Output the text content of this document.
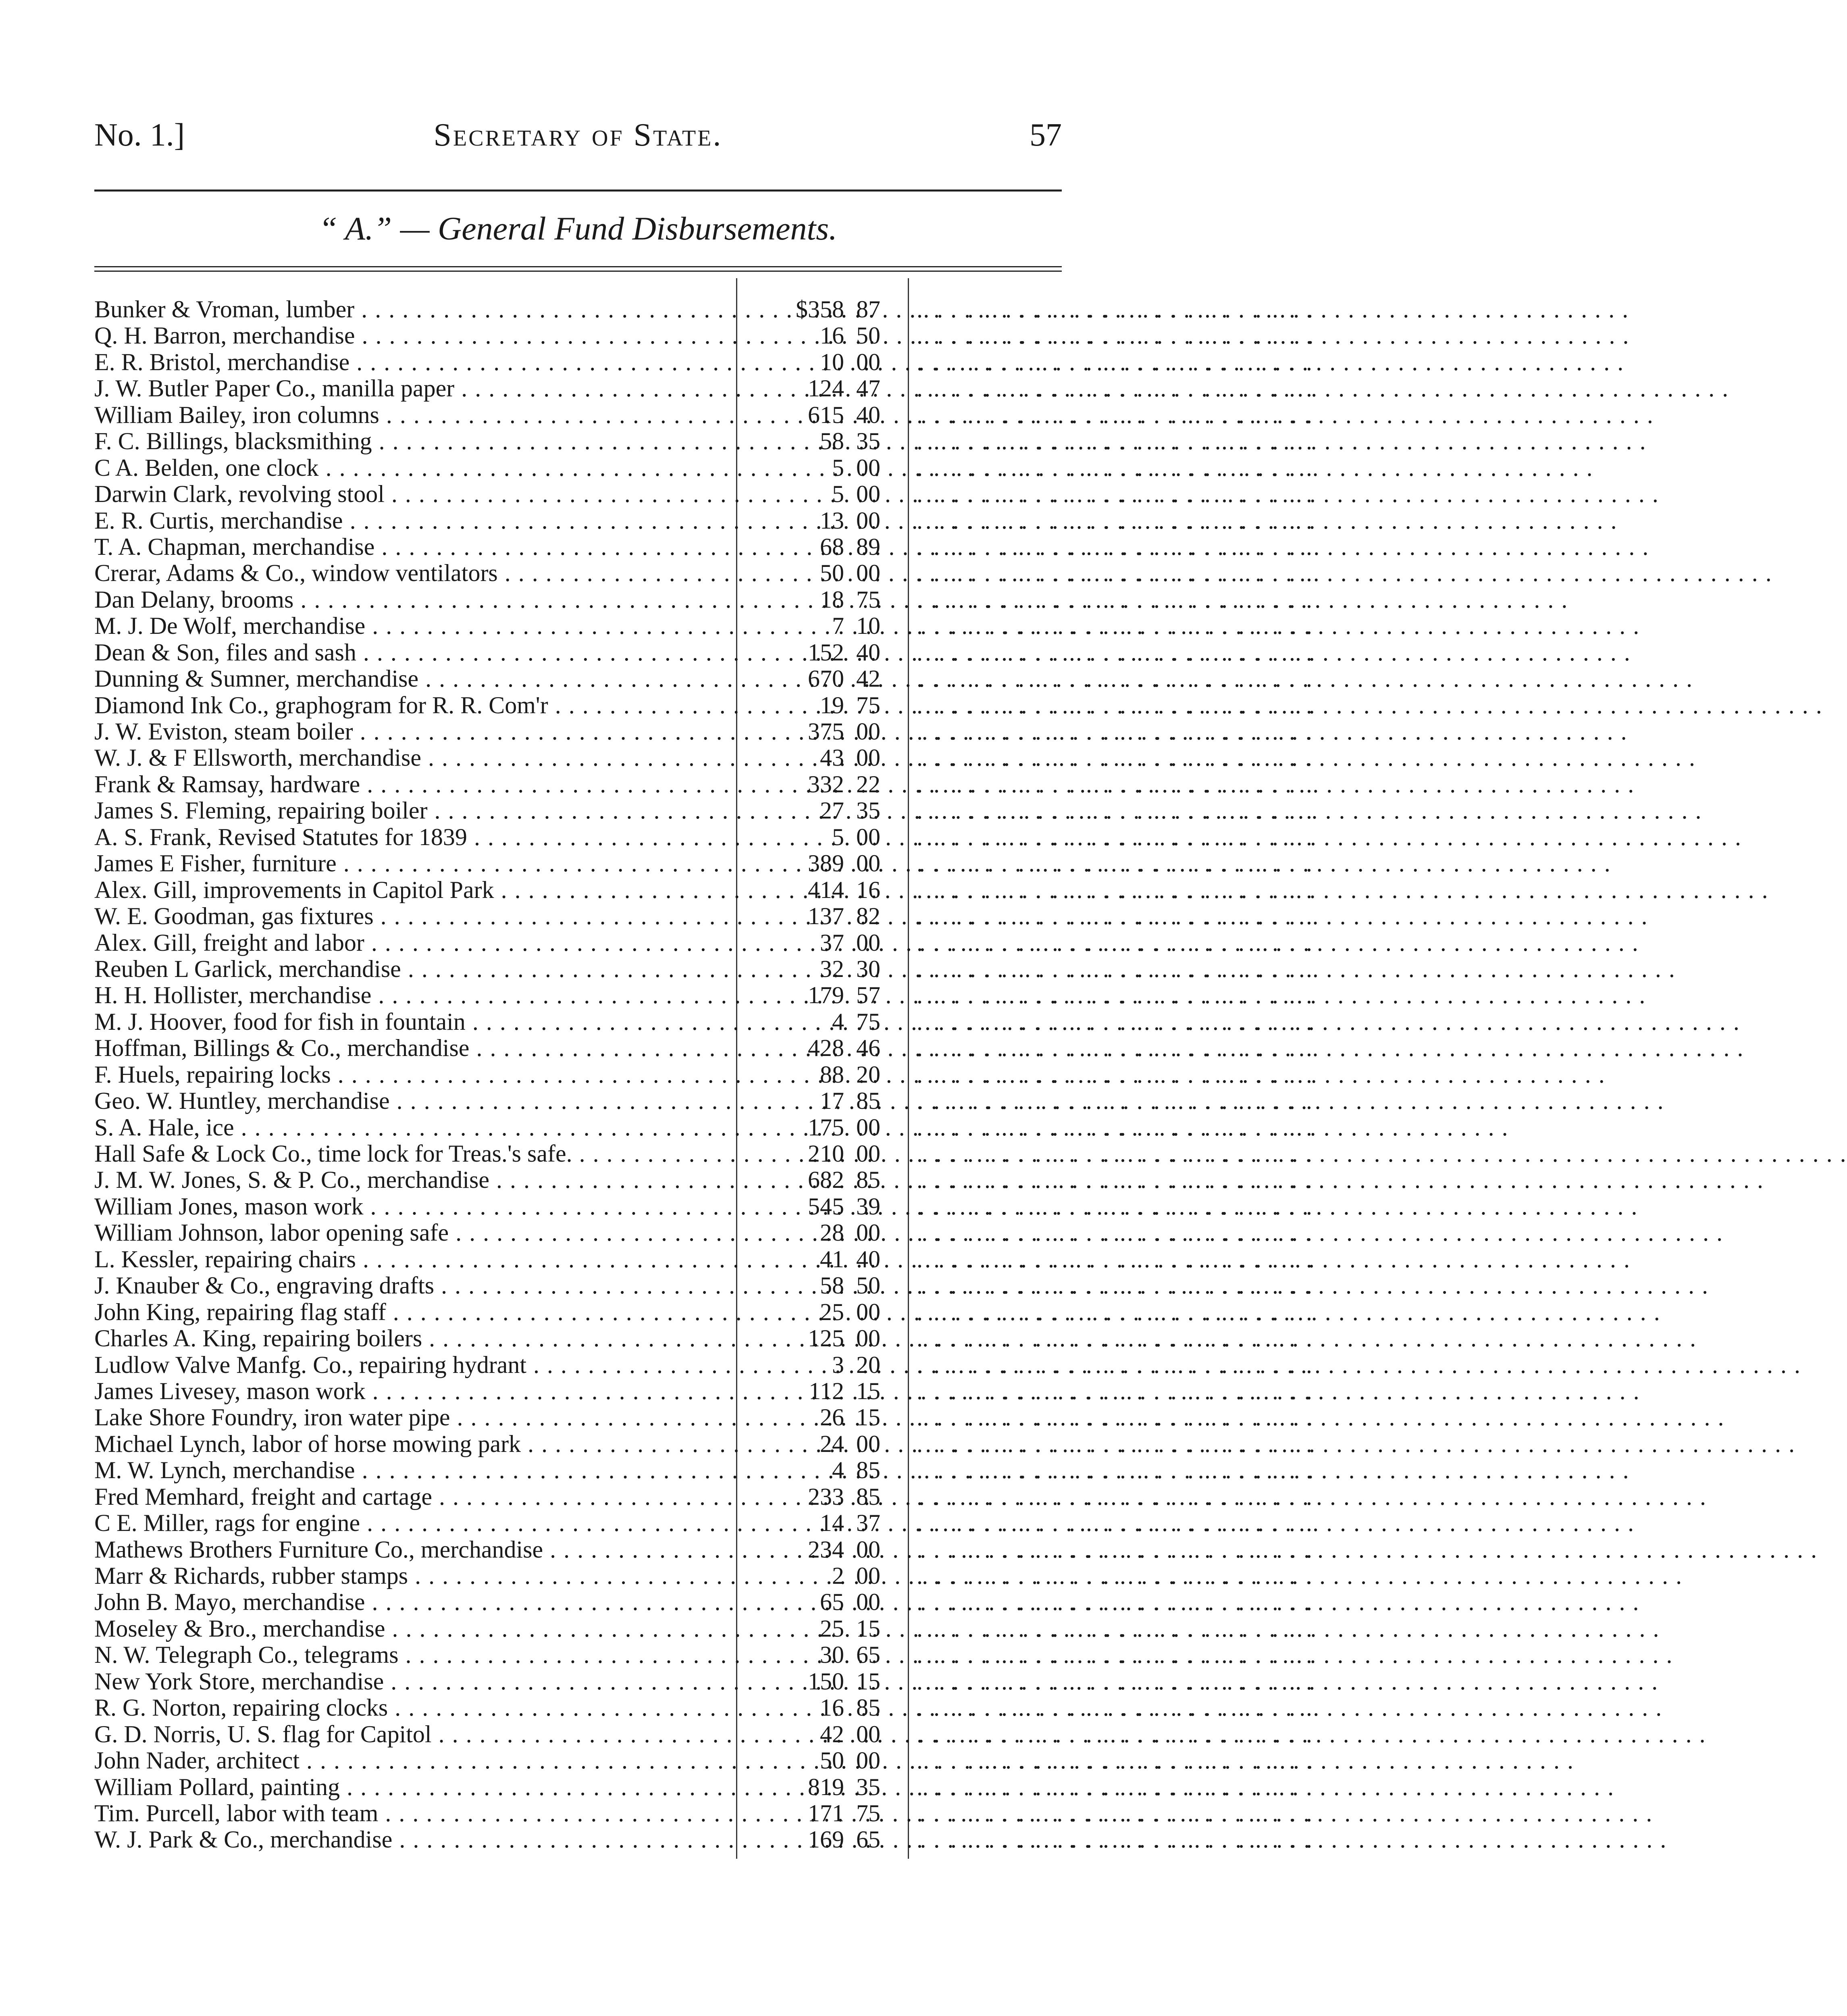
No. 1.]	Secretary of State.	57
“ A.” — General Fund Disbursements.
Bunker & Vroman, lumber . . .	$358 87	. . . . . . . . . . . . . . . . . . . . . . . .
Q. H. Barron, merchandise . . .	16 50	. . . . . . . . . . . . . . . . . . . . . . . .
E. R. Bristol, merchandise . . .	10 00	. . . . . . . . . . . . . . . . . . . . . . . .
J. W. Butler Paper Co., manilla paper . . .	124 47	. . . . . . . . . . . . . . . . . . . . . . . .
William Bailey, iron columns . . .	615 40	. . . . . . . . . . . . . . . . . . . . . . . .
F. C. Billings, blacksmithing . . .	58 35	. . . . . . . . . . . . . . . . . . . . . . . .
C A. Belden, one clock . . .	5 00	. . . . . . . . . . . . . . . . . . . . . . . .
Darwin Clark, revolving stool . . .	5 00	. . . . . . . . . . . . . . . . . . . . . . . .
E. R. Curtis, merchandise . . .	13 00	. . . . . . . . . . . . . . . . . . . . . . . .
T. A. Chapman, merchandise . . .	68 89	. . . . . . . . . . . . . . . . . . . . . . . .
Crerar, Adams & Co., window ventilators . . .	50 00	. . . . . . . . . . . . . . . . . . . . . . . .
Dan Delany, brooms . . .	18 75	. . . . . . . . . . . . . . . . . . . . . . . .
M. J. De Wolf, merchandise . . .	7 10	. . . . . . . . . . . . . . . . . . . . . . . .
Dean & Son, files and sash . . .	152 40	. . . . . . . . . . . . . . . . . . . . . . . .
Dunning & Sumner, merchandise . . .	670 42	. . . . . . . . . . . . . . . . . . . . . . . .
Diamond Ink Co., graphogram for R. R. Com'r . . .	19 75	. . . . . . . . . . . . . . . . . . . . . . . .
J. W. Eviston, steam boiler . . .	375 00	. . . . . . . . . . . . . . . . . . . . . . . .
W. J. & F Ellsworth, merchandise . . .	43 00	. . . . . . . . . . . . . . . . . . . . . . . .
Frank & Ramsay, hardware . . .	332 22	. . . . . . . . . . . . . . . . . . . . . . . .
James S. Fleming, repairing boiler . . .	27 35	. . . . . . . . . . . . . . . . . . . . . . . .
A. S. Frank, Revised Statutes for 1839 . . .	5 00	. . . . . . . . . . . . . . . . . . . . . . . .
James E Fisher, furniture . . .	389 00	. . . . . . . . . . . . . . . . . . . . . . . .
Alex. Gill, improvements in Capitol Park . . .	414 16	. . . . . . . . . . . . . . . . . . . . . . . .
W. E. Goodman, gas fixtures . . .	137 82	. . . . . . . . . . . . . . . . . . . . . . . .
Alex. Gill, freight and labor . . .	37 00	. . . . . . . . . . . . . . . . . . . . . . . .
Reuben L Garlick, merchandise . . .	32 30	. . . . . . . . . . . . . . . . . . . . . . . .
H. H. Hollister, merchandise . . .	179 57	. . . . . . . . . . . . . . . . . . . . . . . .
M. J. Hoover, food for fish in fountain . . .	4 75	. . . . . . . . . . . . . . . . . . . . . . . .
Hoffman, Billings & Co., merchandise . . .	428 46	. . . . . . . . . . . . . . . . . . . . . . . .
F. Huels, repairing locks . . .	88 20	. . . . . . . . . . . . . . . . . . . . . . . .
Geo. W. Huntley, merchandise . . .	17 85	. . . . . . . . . . . . . . . . . . . . . . . .
S. A. Hale, ice . . .	175 00	. . . . . . . . . . . . . . . . . . . . . . . .
Hall Safe & Lock Co., time lock for Treas.'s safe. . . .	210 00	. . . . . . . . . . . . . . . . . . . . . . . .
J. M. W. Jones, S. & P. Co., merchandise . . .	682 85	. . . . . . . . . . . . . . . . . . . . . . . .
William Jones, mason work . . .	545 39	. . . . . . . . . . . . . . . . . . . . . . . .
William Johnson, labor opening safe . . .	28 00	. . . . . . . . . . . . . . . . . . . . . . . .
L. Kessler, repairing chairs . . .	41 40	. . . . . . . . . . . . . . . . . . . . . . . .
J. Knauber & Co., engraving drafts . . .	58 50	. . . . . . . . . . . . . . . . . . . . . . . .
John King, repairing flag staff . . .	25 00	. . . . . . . . . . . . . . . . . . . . . . . .
Charles A. King, repairing boilers . . .	125 00	. . . . . . . . . . . . . . . . . . . . . . . .
Ludlow Valve Manfg. Co., repairing hydrant . . .	3 20	. . . . . . . . . . . . . . . . . . . . . . . .
James Livesey, mason work . . .	112 15	. . . . . . . . . . . . . . . . . . . . . . . .
Lake Shore Foundry, iron water pipe . . .	26 15	. . . . . . . . . . . . . . . . . . . . . . . .
Michael Lynch, labor of horse mowing park . . .	24 00	. . . . . . . . . . . . . . . . . . . . . . . .
M. W. Lynch, merchandise . . .	4 85	. . . . . . . . . . . . . . . . . . . . . . . .
Fred Memhard, freight and cartage . . .	233 85	. . . . . . . . . . . . . . . . . . . . . . . .
C E. Miller, rags for engine . . .	14 37	. . . . . . . . . . . . . . . . . . . . . . . .
Mathews Brothers Furniture Co., merchandise . . .	234 00	. . . . . . . . . . . . . . . . . . . . . . . .
Marr & Richards, rubber stamps . . .	2 00	. . . . . . . . . . . . . . . . . . . . . . . .
John B. Mayo, merchandise . . .	65 00	. . . . . . . . . . . . . . . . . . . . . . . .
Moseley & Bro., merchandise . . .	25 15	. . . . . . . . . . . . . . . . . . . . . . . .
N. W. Telegraph Co., telegrams . . .	30 65	. . . . . . . . . . . . . . . . . . . . . . . .
New York Store, merchandise . . .	150 15	. . . . . . . . . . . . . . . . . . . . . . . .
R. G. Norton, repairing clocks . . .	16 85	. . . . . . . . . . . . . . . . . . . . . . . .
G. D. Norris, U. S. flag for Capitol . . .	42 00	. . . . . . . . . . . . . . . . . . . . . . . .
John Nader, architect . . .	50 00	. . . . . . . . . . . . . . . . . . . . . . . .
William Pollard, painting . . .	819 35	. . . . . . . . . . . . . . . . . . . . . . . .
Tim. Purcell, labor with team . . .	171 75	. . . . . . . . . . . . . . . . . . . . . . . .
W. J. Park & Co., merchandise . . .	169 65	. . . . . . . . . . . . . . . . . . . . . . . .
